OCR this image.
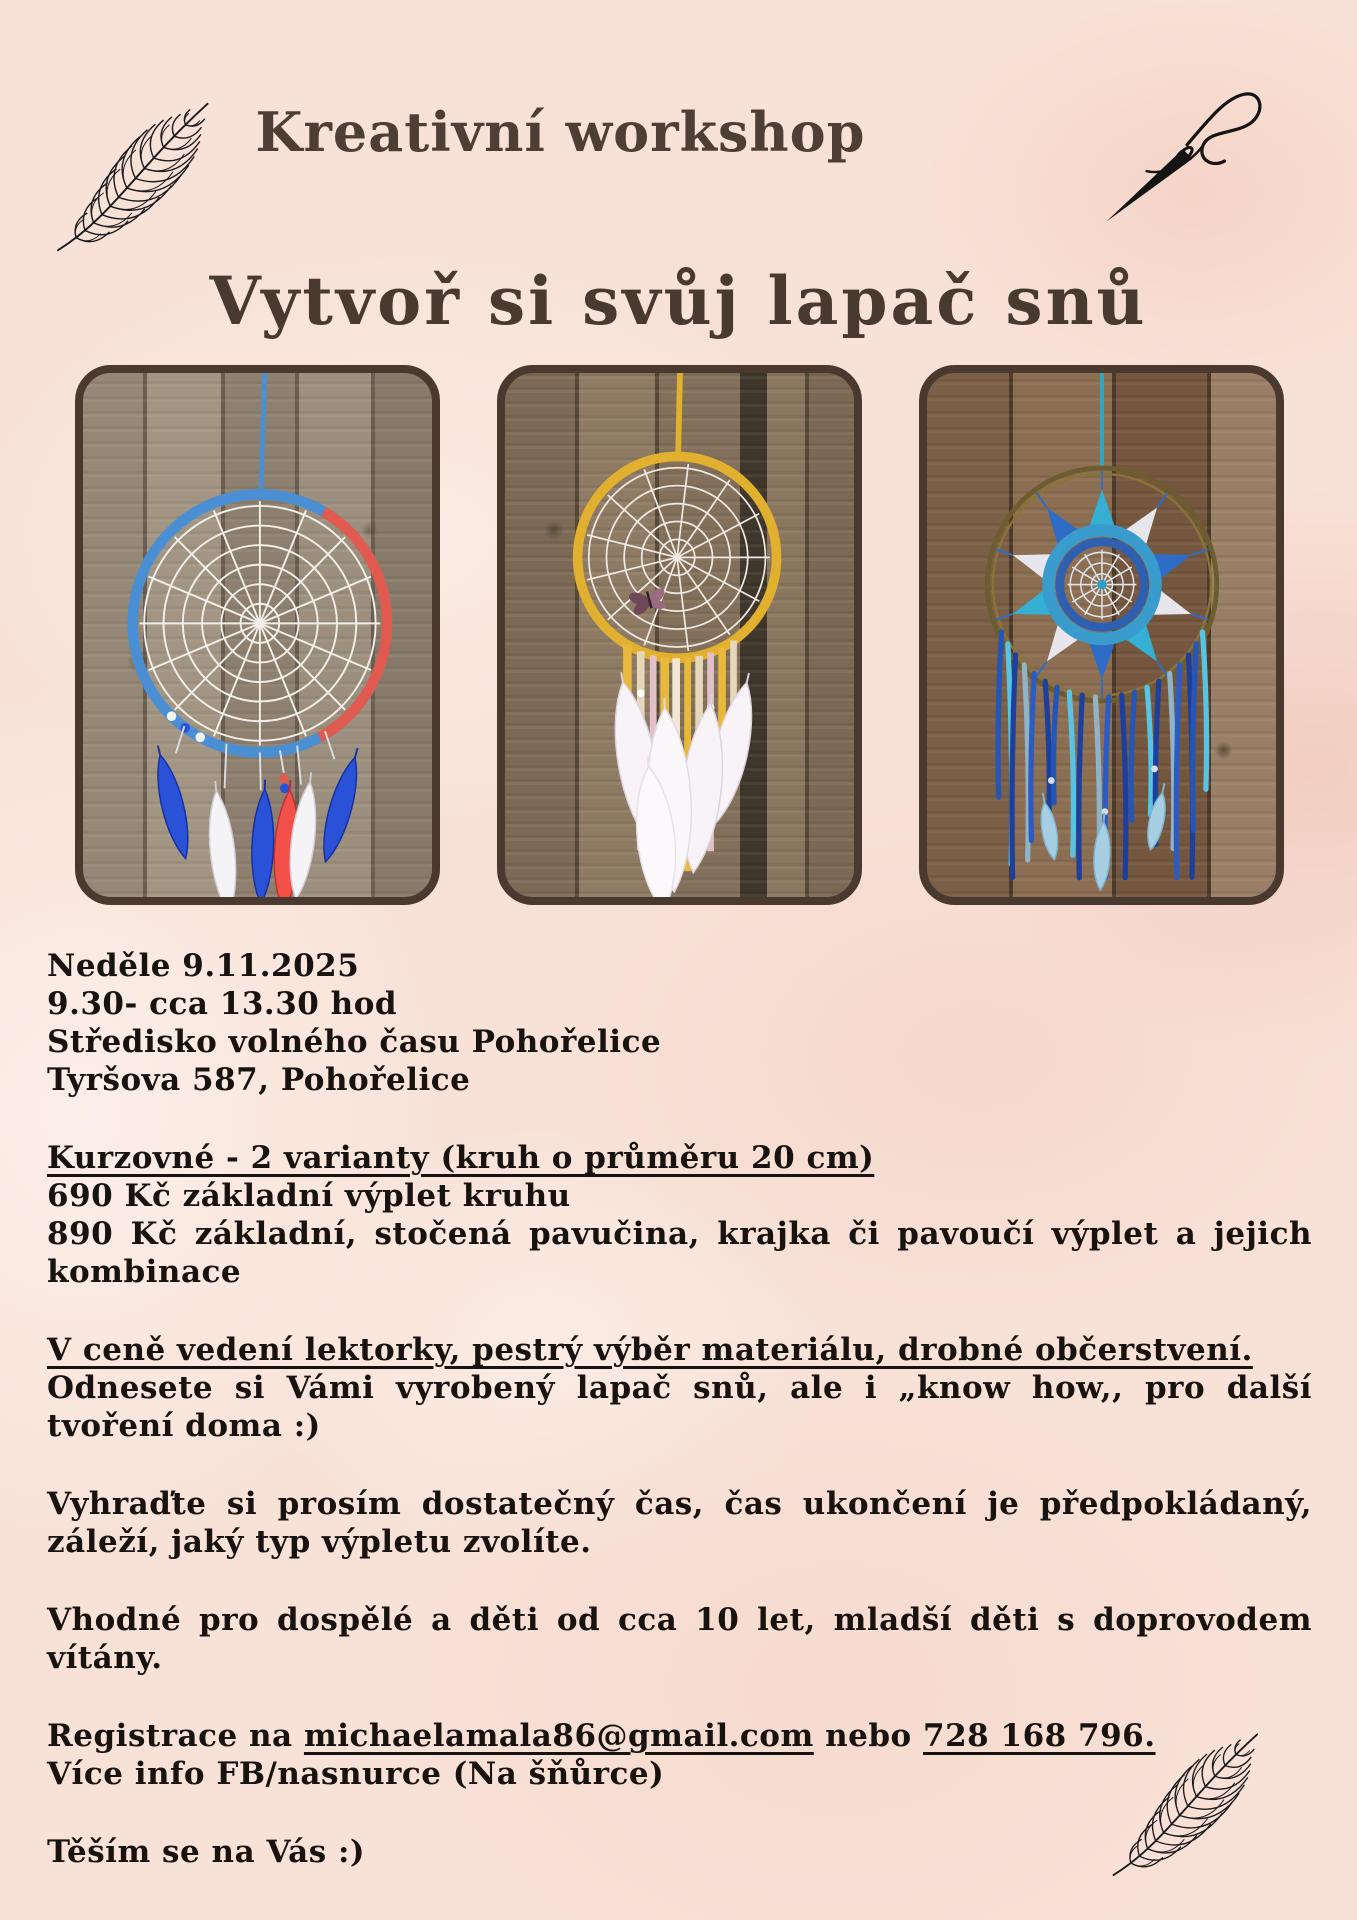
Kreativní workshop
Vytvoř si svůj lapač snů
Neděle 9.11.2025
9.30- cca 13.30 hod
Středisko volného času Pohořelice
Tyršova 587, Pohořelice
Kurzovné - 2 varianty (kruh o průměru 20 cm)
690 Kč základní výplet kruhu
890 Kč základní, stočená pavučina, krajka či pavoučí výplet a jejich
kombinace
V ceně vedení lektorky, pestrý výběr materiálu, drobné občerstvení.
Odnesete si Vámi vyrobený lapač snů, ale i „know how,, pro další
tvoření doma :)
Vyhraďte si prosím dostatečný čas, čas ukončení je předpokládaný,
záleží, jaký typ výpletu zvolíte.
Vhodné pro dospělé a děti od cca 10 let, mladší děti s doprovodem
vítány.
Registrace na michaelamala86@gmail.com nebo 728 168 796.
Více info FB/nasnurce (Na šňůrce)
Těším se na Vás :)
